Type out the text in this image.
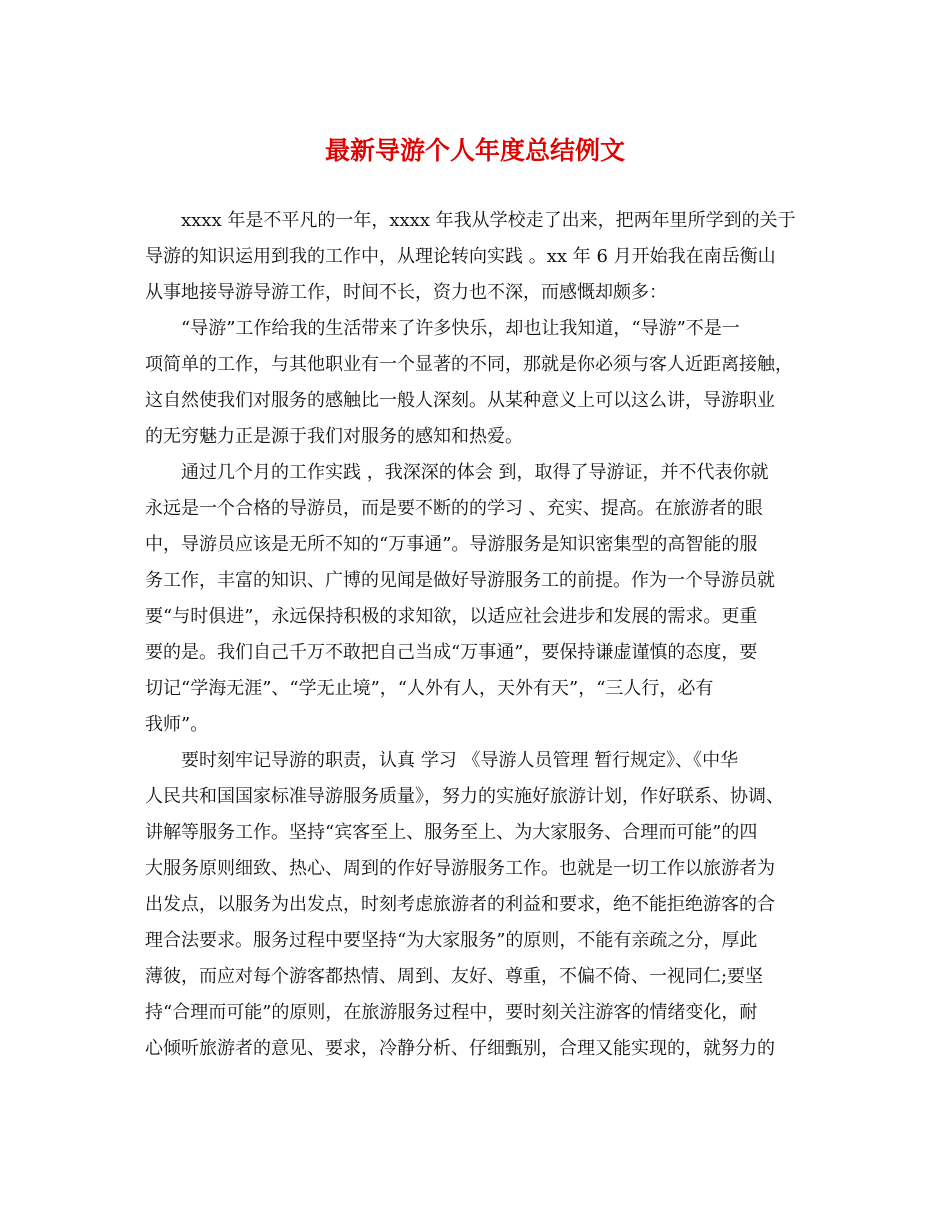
最新导游个人年度总结例文
xxxx 年是不平凡的一年，xxxx 年我从学校走了出来，把两年里所学到的关于
导游的知识运用到我的工作中，从理论转向实践 。xx 年 6 月开始我在南岳衡山
从事地接导游导游工作，时间不长，资力也不深，而感慨却颇多：
“导游”工作给我的生活带来了许多快乐，却也让我知道，“导游”不是一
项简单的工作，与其他职业有一个显著的不同，那就是你必须与客人近距离接触，
这自然使我们对服务的感触比一般人深刻。从某种意义上可以这么讲，导游职业
的无穷魅力正是源于我们对服务的感知和热爱。
通过几个月的工作实践 ，我深深的体会 到，取得了导游证，并不代表你就
永远是一个合格的导游员，而是要不断的的学习 、充实、提高。在旅游者的眼
中，导游员应该是无所不知的“万事通”。导游服务是知识密集型的高智能的服
务工作，丰富的知识、广博的见闻是做好导游服务工的前提。作为一个导游员就
要“与时俱进”，永远保持积极的求知欲，以适应社会进步和发展的需求。更重
要的是。我们自己千万不敢把自己当成“万事通”，要保持谦虚谨慎的态度，要
切记“学海无涯”、“学无止境”，“人外有人，天外有天”，“三人行，必有
我师”。
要时刻牢记导游的职责，认真 学习 《导游人员管理 暂行规定》、《中华
人民共和国国家标准导游服务质量》，努力的实施好旅游计划，作好联系、协调、
讲解等服务工作。坚持“宾客至上、服务至上、为大家服务、合理而可能”的四
大服务原则细致、热心、周到的作好导游服务工作。也就是一切工作以旅游者为
出发点，以服务为出发点，时刻考虑旅游者的利益和要求，绝不能拒绝游客的合
理合法要求。服务过程中要坚持“为大家服务”的原则，不能有亲疏之分，厚此
薄彼，而应对每个游客都热情、周到、友好、尊重，不偏不倚、一视同仁;要坚
持“合理而可能”的原则，在旅游服务过程中，要时刻关注游客的情绪变化，耐
心倾听旅游者的意见、要求，冷静分析、仔细甄别，合理又能实现的，就努力的
